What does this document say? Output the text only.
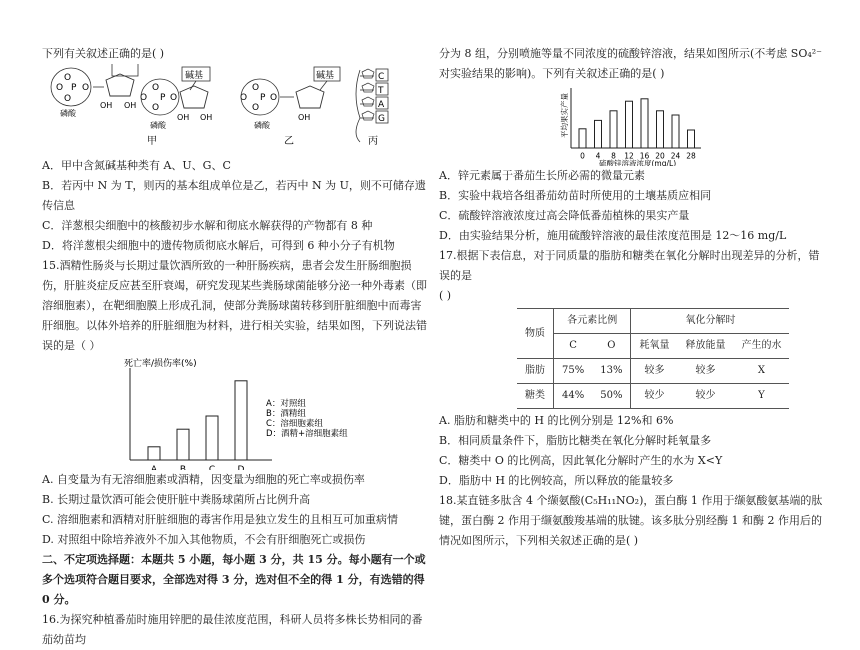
下列有关叙述正确的是( )

O
O
O
P O
OH OH
磷酸
甲
碱基
O
O
O
P O
OH OH
磷酸
碱基
O
O
O
P O
OH
磷酸
乙
C
T
A
G
丙

A．甲中含氮碱基种类有 A、U、G、C

B．若丙中 N 为 T，则丙的基本组成单位是乙，若丙中 N 为 U，则不可储存遗传信息

C．洋葱根尖细胞中的核酸初步水解和彻底水解获得的产物都有 8 种

D．将洋葱根尖细胞中的遗传物质彻底水解后，可得到 6 种小分子有机物

15.酒精性肠炎与长期过量饮酒所致的一种肝肠疾病，患者会发生肝肠细胞损伤，肝脏炎症反应甚至肝衰竭，研究发现某些粪肠球菌能够分泌一种外毒素（即溶细胞素），在靶细胞膜上形成孔洞，使部分粪肠球菌转移到肝脏细胞中而毒害肝细胞。以体外培养的肝脏细胞为材料，进行相关实验，结果如图，下列说法错误的是（ ）

死亡率/损伤率(%)
A	B	C D
A：对照组
B：酒精组
C：溶细胞素组
D：酒精+溶细胞素组

A. 自变量为有无溶细胞素或酒精，因变量为细胞的死亡率或损伤率

B. 长期过量饮酒可能会使肝脏中粪肠球菌所占比例升高

C. 溶细胞素和酒精对肝脏细胞的毒害作用是独立发生的且相互可加重病情

D. 对照组中除培养液外不加入其他物质，不会有肝细胞死亡或损伤

二、不定项选择题：本题共 5 小题，每小题 3 分，共 15 分。每小题有一个或多个选项符合题目要求，全部选对得 3 分，选对但不全的得 1 分，有选错的得 0 分。

16.为探究种植番茄时施用锌肥的最佳浓度范围，科研人员将多株长势相同的番茄幼苗均

分为 8 组，分别喷施等量不同浓度的硫酸锌溶液，结果如图所示(不考虑 SO₄²⁻对实验结果的影响)。下列有关叙述正确的是( )

平均果实产量
0 4 8 12 16 20 24 28
硫酸锌溶液浓度(mg/L)

A．锌元素属于番茄生长所必需的微量元素

B．实验中栽培各组番茄幼苗时所使用的土壤基质应相同

C．硫酸锌溶液浓度过高会降低番茄植株的果实产量

D．由实验结果分析，施用硫酸锌溶液的最佳浓度范围是 12～16 mg/L

17.根据下表信息，对于同质量的脂肪和糖类在氧化分解时出现差异的分析，错误的是

( )

物质	各元素比例		氧化分解时		
	C	O	耗氧量	释放能量	产生的水
脂肪	75%	13%	较多	较多	X
糖类	44%	50%	较少	较少	Y

A. 脂肪和糖类中的 H 的比例分别是 12%和 6%

B．相同质量条件下，脂肪比糖类在氧化分解时耗氧量多

C．糖类中 O 的比例高，因此氧化分解时产生的水为 X<Y

D．脂肪中 H 的比例较高，所以释放的能量较多

18.某直链多肽含 4 个缬氨酸(C₅H₁₁NO₂)，蛋白酶 1 作用于缬氨酸氨基端的肽键，蛋白酶 2 作用于缬氨酸羧基端的肽键。该多肽分别经酶 1 和酶 2 作用后的情况如图所示，下列相关叙述正确的是( )
